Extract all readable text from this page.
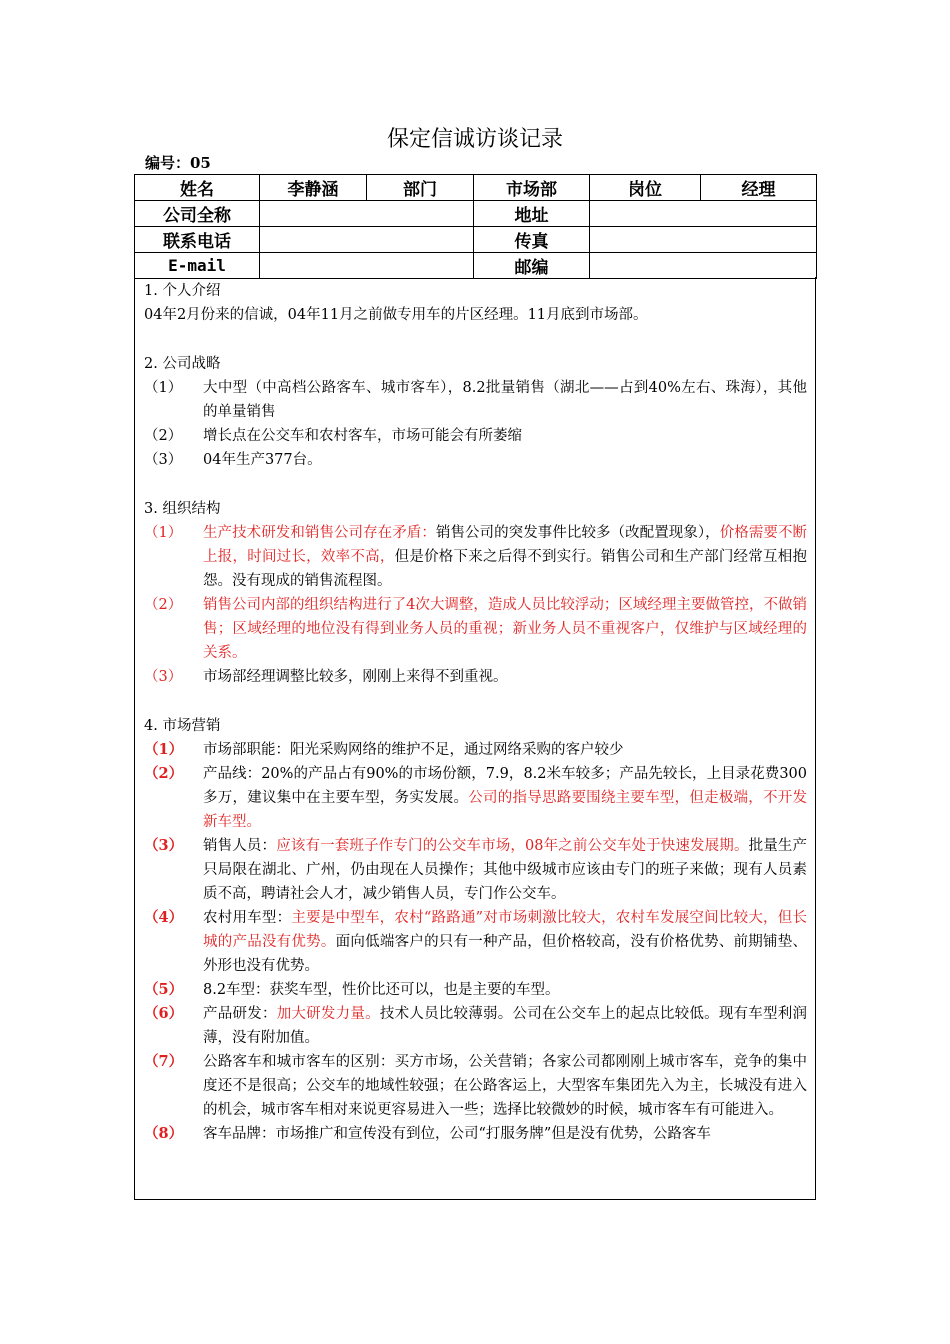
保定信诚访谈记录
编号：05
姓名	李静涵	部门	市场部	岗位	经理
公司全称			地址		
联系电话			传真		
E-mail			邮编		

1. 个人介绍

04年2月份来的信诚，04年11月之前做专用车的片区经理。11月底到市场部。

2. 公司战略

（1）	大中型（中高档公路客车、城市客车），8.2批量销售（湖北——占到40%左右、珠海），其他的单量销售
（2）	增长点在公交车和农村客车，市场可能会有所萎缩
（3）	04年生产377台。

3. 组织结构

（1）	生产技术研发和销售公司存在矛盾：销售公司的突发事件比较多（改配置现象），价格需要不断上报，时间过长，效率不高，但是价格下来之后得不到实行。销售公司和生产部门经常互相抱怨。没有现成的销售流程图。
（2）	销售公司内部的组织结构进行了4次大调整，造成人员比较浮动；区域经理主要做管控，不做销售；区域经理的地位没有得到业务人员的重视；新业务人员不重视客户，仅维护与区域经理的关系。
（3）	市场部经理调整比较多，刚刚上来得不到重视。

4. 市场营销

（1）	市场部职能：阳光采购网络的维护不足，通过网络采购的客户较少
（2）	产品线：20%的产品占有90%的市场份额，7.9，8.2米车较多；产品先较长，上目录花费300多万，建议集中在主要车型，务实发展。公司的指导思路要围绕主要车型，但走极端，不开发新车型。
（3）	销售人员：应该有一套班子作专门的公交车市场，08年之前公交车处于快速发展期。批量生产只局限在湖北、广州，仍由现在人员操作；其他中级城市应该由专门的班子来做；现有人员素质不高，聘请社会人才，减少销售人员，专门作公交车。
（4）	农村用车型：主要是中型车，农村“路路通”对市场刺激比较大，农村车发展空间比较大，但长城的产品没有优势。面向低端客户的只有一种产品，但价格较高，没有价格优势、前期铺垫、外形也没有优势。
（5）	8.2车型：获奖车型，性价比还可以，也是主要的车型。
（6）	产品研发：加大研发力量。技术人员比较薄弱。公司在公交车上的起点比较低。现有车型利润薄，没有附加值。
（7）	公路客车和城市客车的区别：买方市场，公关营销；各家公司都刚刚上城市客车，竞争的集中度还不是很高；公交车的地域性较强；在公路客运上，大型客车集团先入为主，长城没有进入的机会，城市客车相对来说更容易进入一些；选择比较微妙的时候，城市客车有可能进入。
（8）	客车品牌：市场推广和宣传没有到位，公司“打服务牌”但是没有优势，公路客车
